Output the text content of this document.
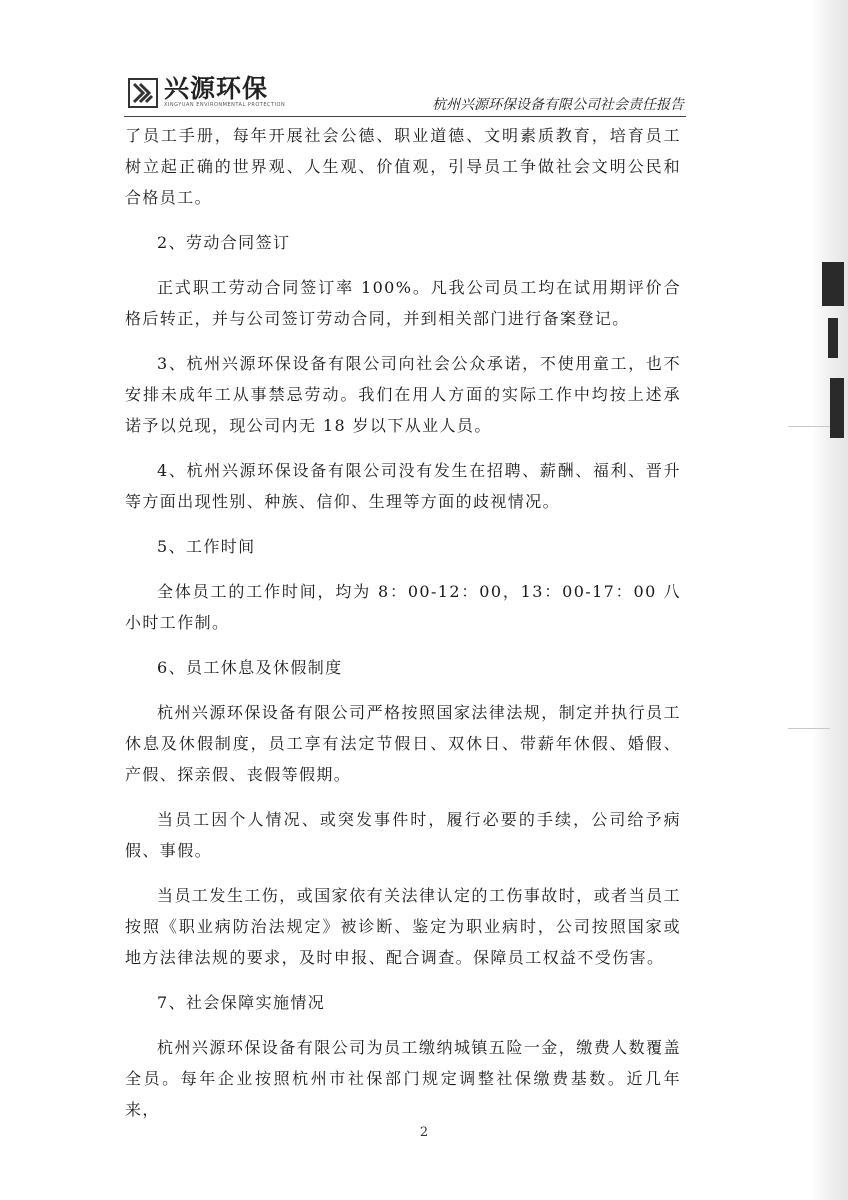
兴源环保
XINGYUAN ENVIRONMENTAL PROTECTION	杭州兴源环保设备有限公司社会责任报告

了员工手册，每年开展社会公德、职业道德、文明素质教育，培育员工树立起正确的世界观、人生观、价值观，引导员工争做社会文明公民和合格员工。

2、劳动合同签订

正式职工劳动合同签订率 100%。凡我公司员工均在试用期评价合格后转正，并与公司签订劳动合同，并到相关部门进行备案登记。

3、杭州兴源环保设备有限公司向社会公众承诺，不使用童工，也不安排未成年工从事禁忌劳动。我们在用人方面的实际工作中均按上述承诺予以兑现，现公司内无 18 岁以下从业人员。

4、杭州兴源环保设备有限公司没有发生在招聘、薪酬、福利、晋升等方面出现性别、种族、信仰、生理等方面的歧视情况。

5、工作时间

全体员工的工作时间，均为 8：00-12：00，13：00-17：00 八小时工作制。

6、员工休息及休假制度

杭州兴源环保设备有限公司严格按照国家法律法规，制定并执行员工休息及休假制度，员工享有法定节假日、双休日、带薪年休假、婚假、产假、探亲假、丧假等假期。

当员工因个人情况、或突发事件时，履行必要的手续，公司给予病假、事假。

当员工发生工伤，或国家依有关法律认定的工伤事故时，或者当员工按照《职业病防治法规定》被诊断、鉴定为职业病时，公司按照国家或地方法律法规的要求，及时申报、配合调查。保障员工权益不受伤害。

7、社会保障实施情况

杭州兴源环保设备有限公司为员工缴纳城镇五险一金，缴费人数覆盖全员。每年企业按照杭州市社保部门规定调整社保缴费基数。近几年来，

2
